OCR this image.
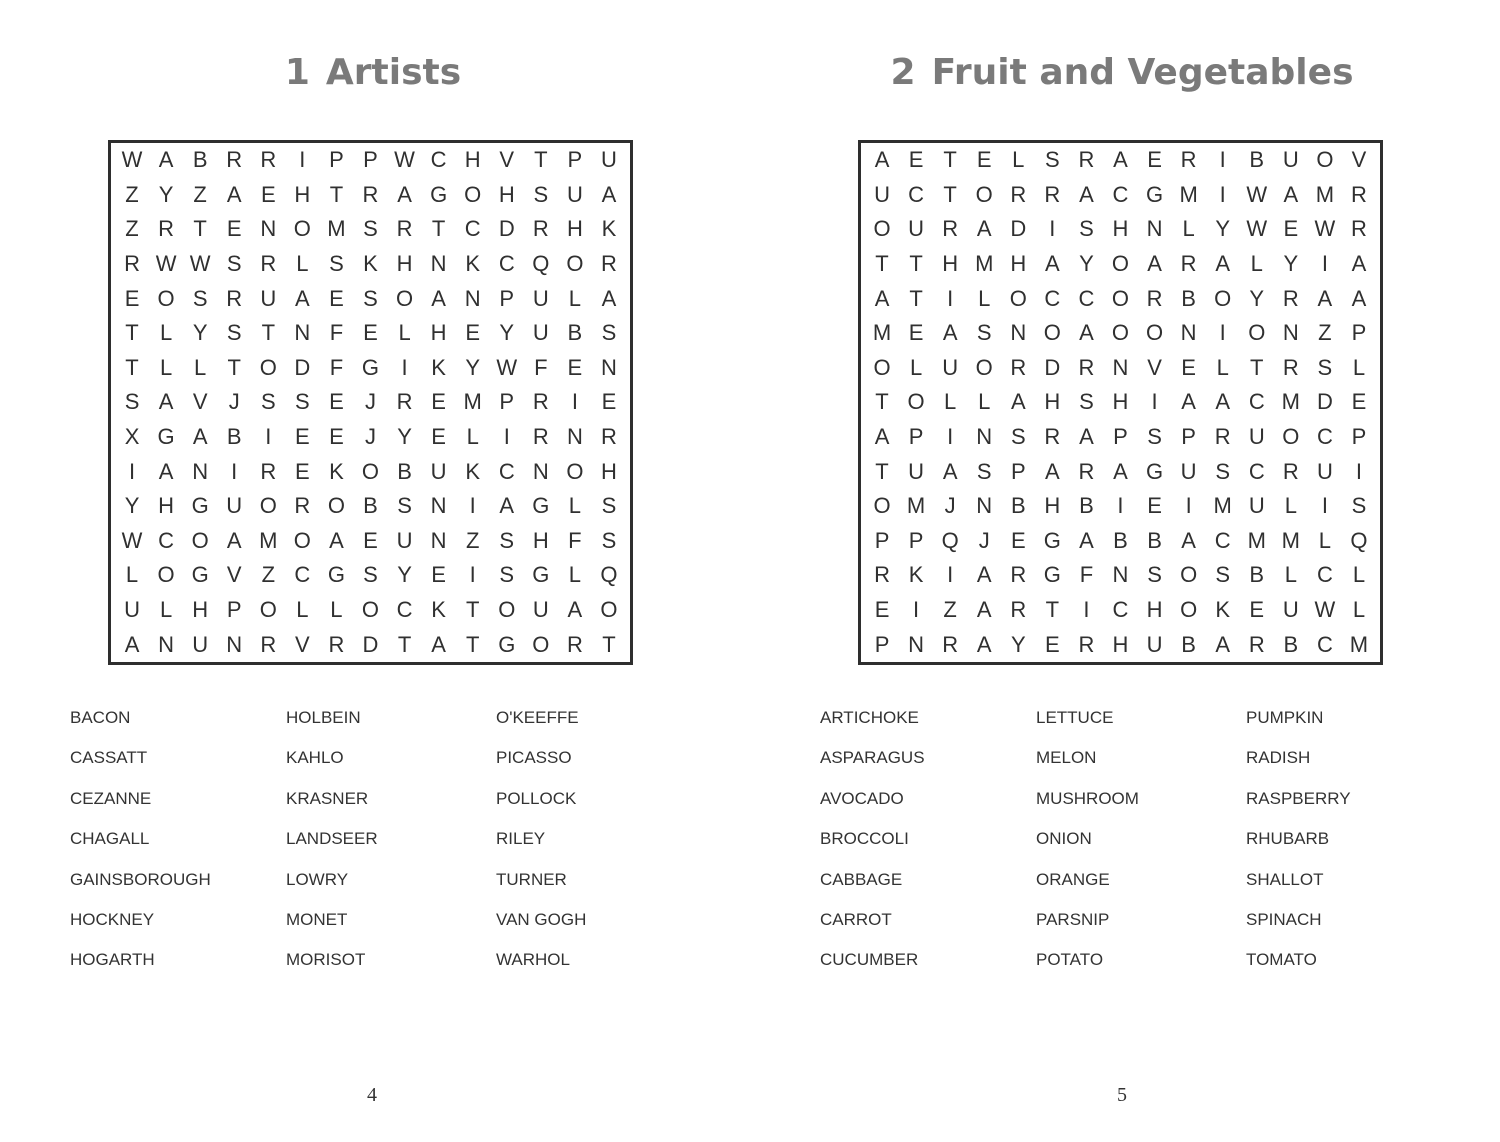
1 Artists
W A B R R	I	P P W C H V T P U
Z Y Z A E H T R A G O H S U A
Z R T E N O M S R T C D R H K
R W W S R L S K H N K C Q O R
E O S R U A E S O A N P U L A
T L Y S T N F E L H E Y U B S
T L L T O D F G	I	K Y W F E N
S A V J S S E J R E M P R	I	E
X G A B	I	E E J Y E L	I	R N R
I	A N	I	R E K O B U K C N O H
Y H G U O R O B S N	I	A G L S
W C O A M O A E U N Z S H F S
L O G V Z C G S Y E	I	S G L Q
U L H P O L L O C K T O U A O
A N U N R V R D T A T G O R T
BACON
CASSATT
CEZANNE
CHAGALL
GAINSBOROUGH
HOCKNEY
HOGARTH
HOLBEIN
KAHLO
KRASNER
LANDSEER
LOWRY
MONET
MORISOT
O'KEEFFE
PICASSO
POLLOCK
RILEY
TURNER
VAN GOGH
WARHOL
4
2 Fruit and Vegetables
A E T E L S R A E R	I	B U O V
U C T O R R A C G M I W A M R
O U R A D	I	S H N L Y W E W R
T T H M H A Y O A R A L Y	I	A
A T	I	L O C C O R B O Y R A A
M E A S N O A O O N	I	O N Z P
O L U O R D R N V E L T R S L
T O L L A H S H	I	A A C M D E
A P	I	N S R A P S P R U O C P
T U A S P A R A G U S C R U	I
O M J N B H B	I	E	I M U L	I	S
P P Q J E G A B B A C M M L Q
R K	I	A R G F N S O S B L C L
E	I	Z A R T	I	C H O K E U W L
P N R A Y E R H U B A R B C M
ARTICHOKE
ASPARAGUS
AVOCADO
BROCCOLI
CABBAGE
CARROT
CUCUMBER
LETTUCE
MELON
MUSHROOM
ONION
ORANGE
PARSNIP
POTATO
PUMPKIN
RADISH
RASPBERRY
RHUBARB
SHALLOT
SPINACH
TOMATO
5
